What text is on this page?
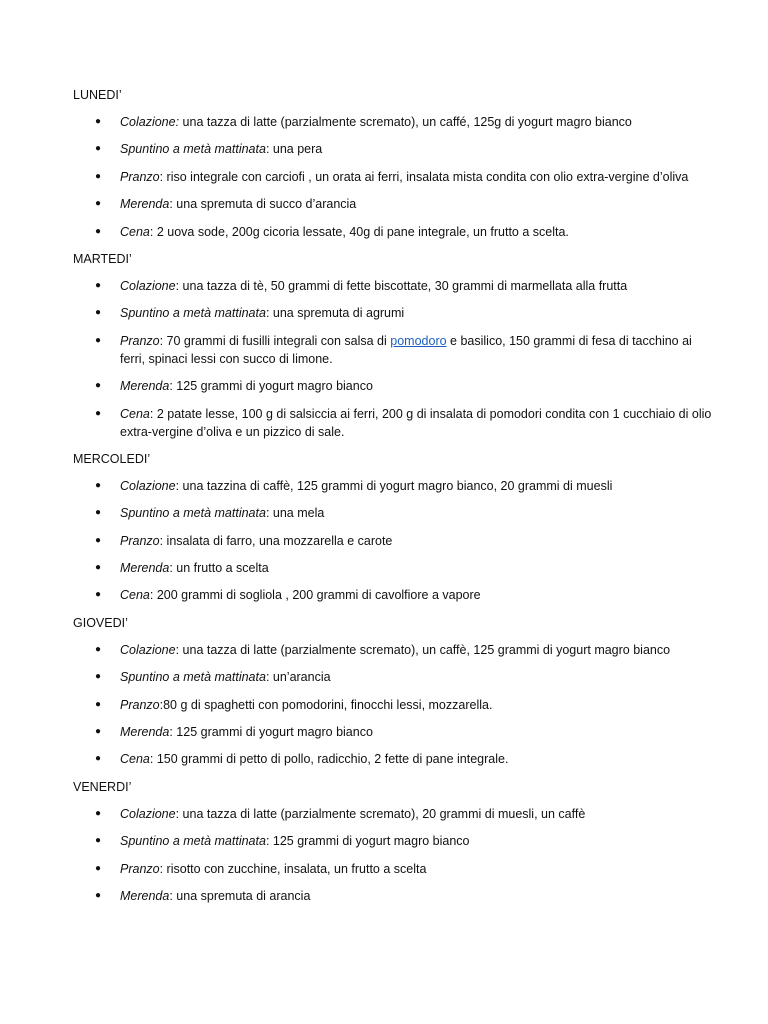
LUNEDI’
● Colazione: una tazza di latte (parzialmente scremato), un caffé, 125g di yogurt magro bianco
● Spuntino a metà mattinata: una pera
● Pranzo: riso integrale con carciofi , un orata ai ferri, insalata mista condita con olio extra-vergine d’oliva
● Merenda: una spremuta di succo d’arancia
● Cena: 2 uova sode, 200g cicoria lessate, 40g di pane integrale, un frutto a scelta.
MARTEDI’
● Colazione: una tazza di tè, 50 grammi di fette biscottate, 30 grammi di marmellata alla frutta
● Spuntino a metà mattinata: una spremuta di agrumi
● Pranzo: 70 grammi di fusilli integrali con salsa di pomodoro e basilico, 150 grammi di fesa di tacchino ai ferri, spinaci lessi con succo di limone.
● Merenda: 125 grammi di yogurt magro bianco
● Cena: 2 patate lesse, 100 g di salsiccia ai ferri, 200 g di insalata di pomodori condita con 1 cucchiaio di olio extra-vergine d’oliva e un pizzico di sale.
MERCOLEDI’
● Colazione: una tazzina di caffè, 125 grammi di yogurt magro bianco, 20 grammi di muesli
● Spuntino a metà mattinata: una mela
● Pranzo: insalata di farro, una mozzarella e carote
● Merenda: un frutto a scelta
● Cena: 200 grammi di sogliola , 200 grammi di cavolfiore a vapore
GIOVEDI’
● Colazione: una tazza di latte (parzialmente scremato), un caffè, 125 grammi di yogurt magro bianco
● Spuntino a metà mattinata: un’arancia
● Pranzo:80 g di spaghetti con pomodorini, finocchi lessi, mozzarella.
● Merenda: 125 grammi di yogurt magro bianco
● Cena: 150 grammi di petto di pollo, radicchio, 2 fette di pane integrale.
VENERDI’
● Colazione: una tazza di latte (parzialmente scremato), 20 grammi di muesli, un caffè
● Spuntino a metà mattinata: 125 grammi di yogurt magro bianco
● Pranzo: risotto con zucchine, insalata, un frutto a scelta
● Merenda: una spremuta di arancia
